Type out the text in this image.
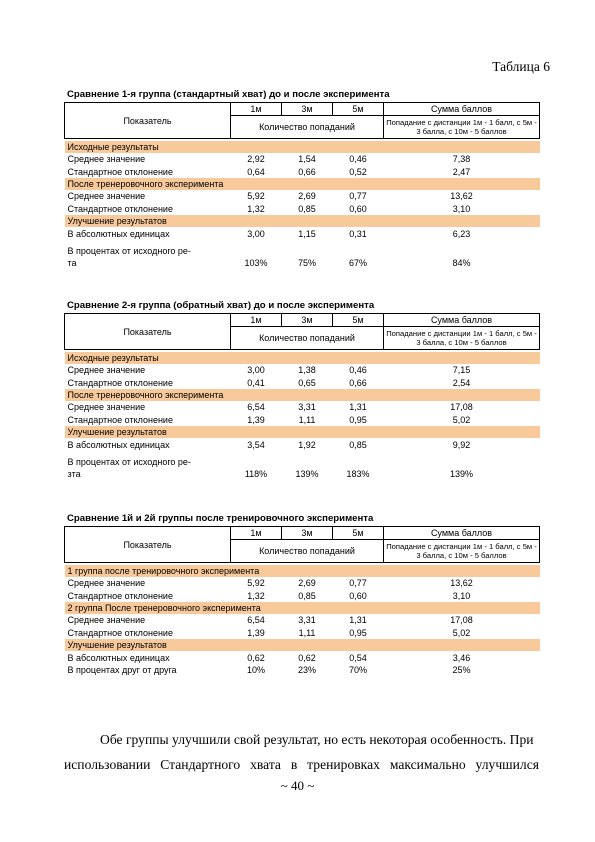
Таблица 6
Сравнение 1-я группа (стандартный хват) до и после эксперимента
Показатель	1м	3м	5м	Сумма баллов
	Количество попаданий			Попадание с дистанции 1м - 1 балл, с 5м - 3 балла, с 10м - 5 баллов

Исходные результаты				
Среднее значение	2,92	1,54	0,46	7,38
Стандартное отклонение	0,64	0,66	0,52	2,47
После тренеровочного эксперимента				
Среднее значение	5,92	2,69	0,77	13,62
Стандартное отклонение	1,32	0,85	0,60	3,10
Улучшение результатов				
В абсолютных единицах	3,00	1,15	0,31	6,23
В процентах от исходного ре-
та	103%	75%	67%	84%
Сравнение 2-я группа (обратный хват) до и после эксперимента
Показатель	1м	3м	5м	Сумма баллов
	Количество попаданий			Попадание с дистанции 1м - 1 балл, с 5м - 3 балла, с 10м - 5 баллов

Исходные результаты				
Среднее значение	3,00	1,38	0,46	7,15
Стандартное отклонение	0,41	0,65	0,66	2,54
После тренеровочного эксперимента				
Среднее значение	6,54	3,31	1,31	17,08
Стандартное отклонение	1,39	1,11	0,95	5,02
Улучшение результатов				
В абсолютных единицах	3,54	1,92	0,85	9,92
В процентах от исходного ре-
зта	118%	139%	183%	139%
Сравнение 1й и 2й группы после тренировочного эксперимента
Показатель	1м	3м	5м	Сумма баллов
	Количество попаданий			Попадание с дистанции 1м - 1 балл, с 5м - 3 балла, с 10м - 5 баллов

1 группа после тренировочного эксперимента				
Среднее значение	5,92	2,69	0,77	13,62
Стандартное отклонение	1,32	0,85	0,60	3,10
2 группа После тренеровочного эксперимента				
Среднее значение	6,54	3,31	1,31	17,08
Стандартное отклонение	1,39	1,11	0,95	5,02
Улучшение результатов				
В абсолютных единицах	0,62	0,62	0,54	3,46
В процентах друг от друга	10%	23%	70%	25%
Обе группы улучшили свой результат, но есть некоторая особенность. При
использовании Стандартного хвата в тренировках максимально улучшился
~ 40 ~
